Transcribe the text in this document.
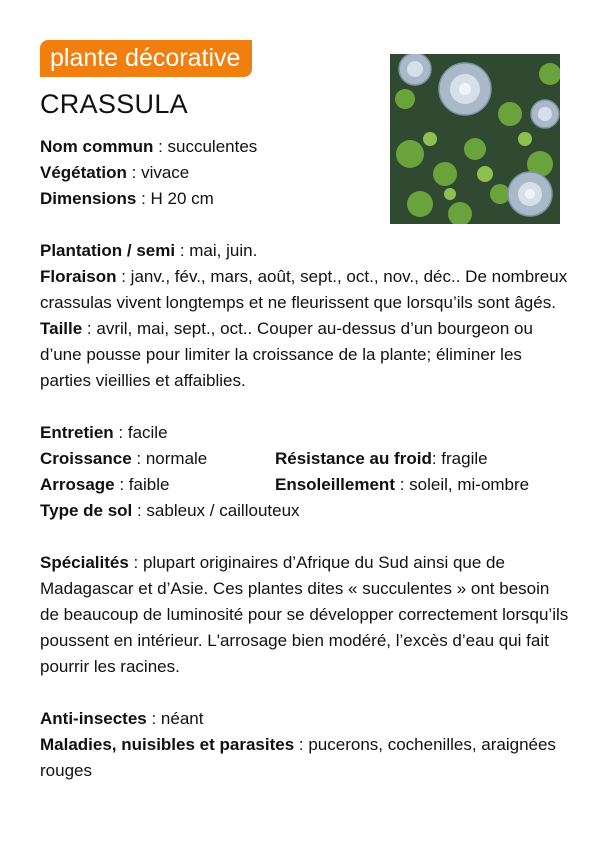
plante décorative
CRASSULA

Nom commun : succulentes

Végétation : vivace

Dimensions : H 20 cm

Plantation / semi : mai, juin.

Floraison : janv., fév., mars, août, sept., oct., nov., déc.. De nombreux crassulas vivent longtemps et ne fleurissent que lorsqu’ils sont âgés.

Taille : avril, mai, sept., oct.. Couper au-dessus d’un bourgeon ou d’une pousse pour limiter la croissance de la plante; éliminer les parties vieillies et affaiblies.

Entretien : facile

Croissance : normale	Résistance au froid: fragile
Arrosage : faible	Ensoleillement : soleil, mi-ombre

Type de sol : sableux / caillouteux

Spécialités : plupart originaires d’Afrique du Sud ainsi que de Madagascar et d’Asie. Ces plantes dites « succulentes » ont besoin de beaucoup de luminosité pour se développer correctement lorsqu’ils poussent en intérieur. L'arrosage bien modéré, l’excès d’eau qui fait pourrir les racines.

Anti-insectes : néant

Maladies, nuisibles et parasites : pucerons, cochenilles, araignées rouges
